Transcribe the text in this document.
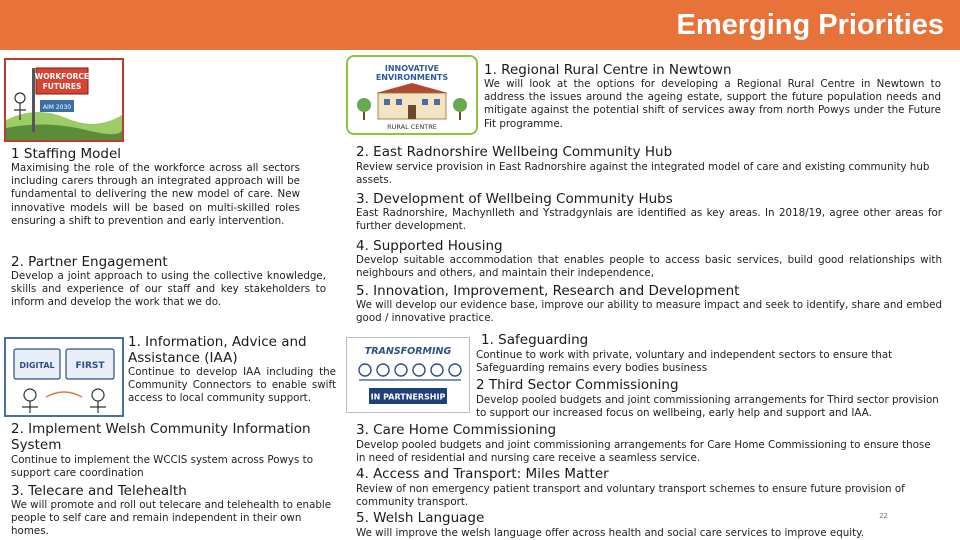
Emerging Priorities
WORKFORCE
FUTURES
AIM 2030
INNOVATIVE
ENVIRONMENTS
RURAL CENTRE
DIGITAL FIRST
TRANSFORMING
IN PARTNERSHIP
1. Regional Rural Centre in Newtown
We will look at the options for developing a Regional Rural Centre in Newtown to address the issues around the ageing estate, support the future population needs and mitigate against the potential shift of services away from north Powys under the Future Fit programme.
2. East Radnorshire Wellbeing Community Hub
Review service provision in East Radnorshire against the integrated model of care and existing community hub assets.
3. Development of Wellbeing Community Hubs
East Radnorshire, Machynlleth and Ystradgynlais are identified as key areas. In 2018/19, agree other areas for further development.
4. Supported Housing
Develop suitable accommodation that enables people to access basic services, build good relationships with neighbours and others, and maintain their independence,
5. Innovation, Improvement, Research and Development
We will develop our evidence base, improve our ability to measure impact and seek to identify, share and embed good / innovative practice.
1 Staffing Model
Maximising the role of the workforce across all sectors including carers through an integrated approach will be fundamental to delivering the new model of care. New innovative models will be based on multi-skilled roles ensuring a shift to prevention and early intervention.
2. Partner Engagement
Develop a joint approach to using the collective knowledge, skills and experience of our staff and key stakeholders to inform and develop the work that we do.
1. Information, Advice and Assistance (IAA)
Continue to develop IAA including the Community Connectors to enable swift access to local community support.
2. Implement Welsh Community Information System
Continue to implement the WCCIS system across Powys to support care coordination
3. Telecare and Telehealth
We will promote and roll out telecare and telehealth to enable people to self care and remain independent in their own homes.
1. Safeguarding
Continue to work with private, voluntary and independent sectors to ensure that Safeguarding remains every bodies business
2 Third Sector Commissioning
Develop pooled budgets and joint commissioning arrangements for Third sector provision to support our increased focus on wellbeing, early help and support and IAA.
3. Care Home Commissioning
Develop pooled budgets and joint commissioning arrangements for Care Home Commissioning to ensure those in need of residential and nursing care receive a seamless service.
4. Access and Transport: Miles Matter
Review of non emergency patient transport and voluntary transport schemes to ensure future provision of community transport.
5. Welsh Language
We will improve the welsh language offer across health and social care services to improve equity.
22
